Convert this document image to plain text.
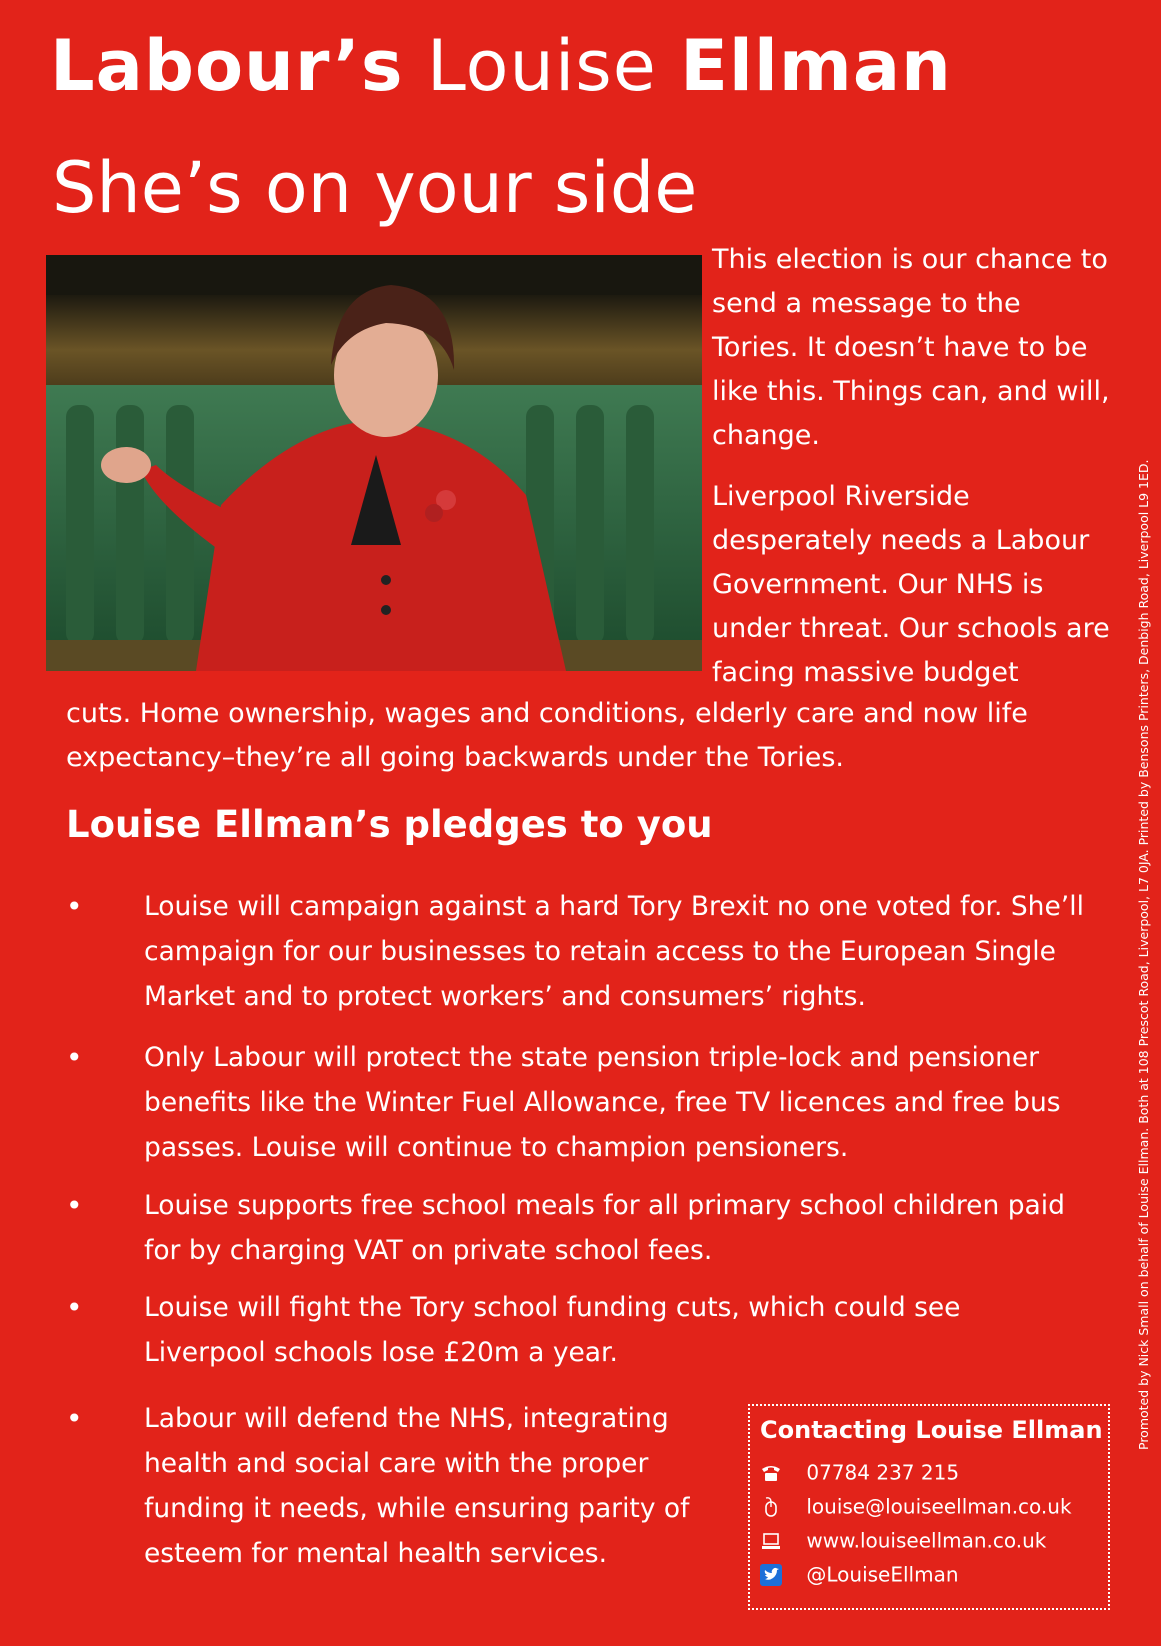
Labour’s Louise Ellman
She’s on your side
This election is our chance to send a message to the Tories. It doesn’t have to be like this. Things can, and will, change.
Liverpool Riverside desperately needs a Labour Government. Our NHS is under threat. Our schools are facing massive budget
cuts. Home ownership, wages and conditions, elderly care and now life expectancy–they’re all going backwards under the Tories.
Louise Ellman’s pledges to you
• Louise will campaign against a hard Tory Brexit no one voted for. She’ll campaign for our businesses to retain access to the European Single Market and to protect workers’ and consumers’ rights.
• Only Labour will protect the state pension triple-lock and pensioner benefits like the Winter Fuel Allowance, free TV licences and free bus passes. Louise will continue to champion pensioners.
• Louise supports free school meals for all primary school children paid for by charging VAT on private school fees.
• Louise will fight the Tory school funding cuts, which could see Liverpool schools lose £20m a year.
• Labour will defend the NHS, integrating health and social care with the proper funding it needs, while ensuring parity of esteem for mental health services.
Contacting Louise Ellman
07784 237 215
louise@louiseellman.co.uk
www.louiseellman.co.uk
@LouiseEllman
Promoted by Nick Small on behalf of Louise Ellman. Both at 108 Prescot Road, Liverpool, L7 0JA. Printed by Bensons Printers, Denbigh Road, Liverpool L9 1ED.
